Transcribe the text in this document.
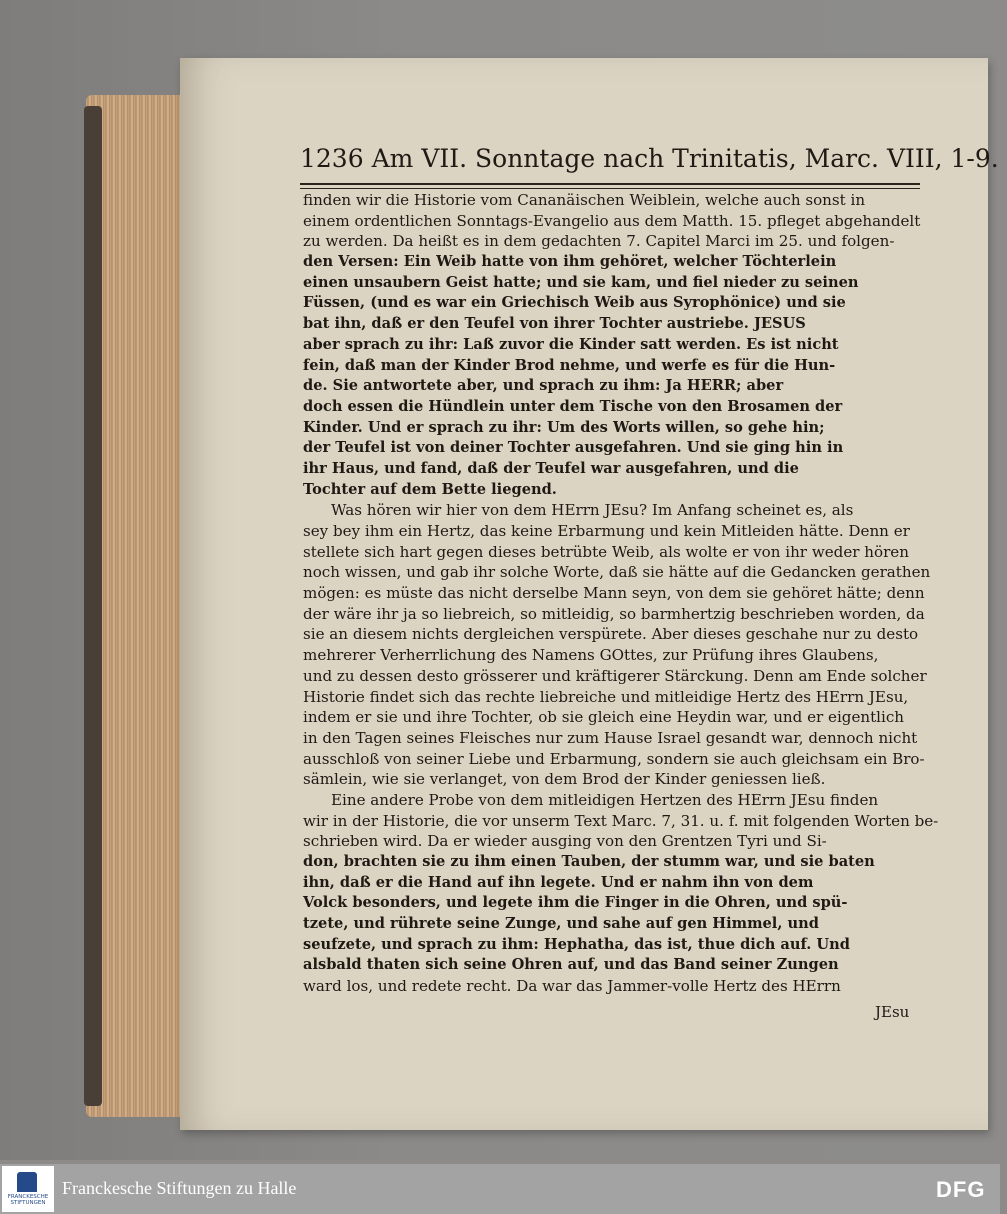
1236 Am VII. Sonntage nach Trinitatis, Marc. VIII, 1-9.
finden wir die Historie vom Cananäischen Weiblein, welche auch sonst in
einem ordentlichen Sonntags-Evangelio aus dem Matth. 15. pfleget abgehandelt
zu werden. Da heißt es in dem gedachten 7. Capitel Marci im 25. und folgen-
den Versen: Ein Weib hatte von ihm gehöret, welcher Töchterlein
einen unsaubern Geist hatte; und sie kam, und fiel nieder zu seinen
Füssen, (und es war ein Griechisch Weib aus Syrophönice) und sie
bat ihn, daß er den Teufel von ihrer Tochter austriebe. JESUS
aber sprach zu ihr: Laß zuvor die Kinder satt werden. Es ist nicht
fein, daß man der Kinder Brod nehme, und werfe es für die Hun-
de. Sie antwortete aber, und sprach zu ihm: Ja HERR; aber
doch essen die Hündlein unter dem Tische von den Brosamen der
Kinder. Und er sprach zu ihr: Um des Worts willen, so gehe hin;
der Teufel ist von deiner Tochter ausgefahren. Und sie ging hin in
ihr Haus, und fand, daß der Teufel war ausgefahren, und die
Tochter auf dem Bette liegend.
Was hören wir hier von dem HErrn JEsu? Im Anfang scheinet es, als
sey bey ihm ein Hertz, das keine Erbarmung und kein Mitleiden hätte. Denn er
stellete sich hart gegen dieses betrübte Weib, als wolte er von ihr weder hören
noch wissen, und gab ihr solche Worte, daß sie hätte auf die Gedancken gerathen
mögen: es müste das nicht derselbe Mann seyn, von dem sie gehöret hätte; denn
der wäre ihr ja so liebreich, so mitleidig, so barmhertzig beschrieben worden, da
sie an diesem nichts dergleichen verspürete. Aber dieses geschahe nur zu desto
mehrerer Verherrlichung des Namens GOttes, zur Prüfung ihres Glaubens,
und zu dessen desto grösserer und kräftigerer Stärckung. Denn am Ende solcher
Historie findet sich das rechte liebreiche und mitleidige Hertz des HErrn JEsu,
indem er sie und ihre Tochter, ob sie gleich eine Heydin war, und er eigentlich
in den Tagen seines Fleisches nur zum Hause Israel gesandt war, dennoch nicht
ausschloß von seiner Liebe und Erbarmung, sondern sie auch gleichsam ein Bro-
sämlein, wie sie verlanget, von dem Brod der Kinder geniessen ließ.
Eine andere Probe von dem mitleidigen Hertzen des HErrn JEsu finden
wir in der Historie, die vor unserm Text Marc. 7, 31. u. f. mit folgenden Worten be-
schrieben wird. Da er wieder ausging von den Grentzen Tyri und Si-
don, brachten sie zu ihm einen Tauben, der stumm war, und sie baten
ihn, daß er die Hand auf ihn legete. Und er nahm ihn von dem
Volck besonders, und legete ihm die Finger in die Ohren, und spü-
tzete, und rührete seine Zunge, und sahe auf gen Himmel, und
seufzete, und sprach zu ihm: Hephatha, das ist, thue dich auf. Und
alsbald thaten sich seine Ohren auf, und das Band seiner Zungen
ward los, und redete recht. Da war das Jammer-volle Hertz des HErrn
JEsu
FRANCKESCHE STIFTUNGEN
Franckesche Stiftungen zu Halle	DFG
